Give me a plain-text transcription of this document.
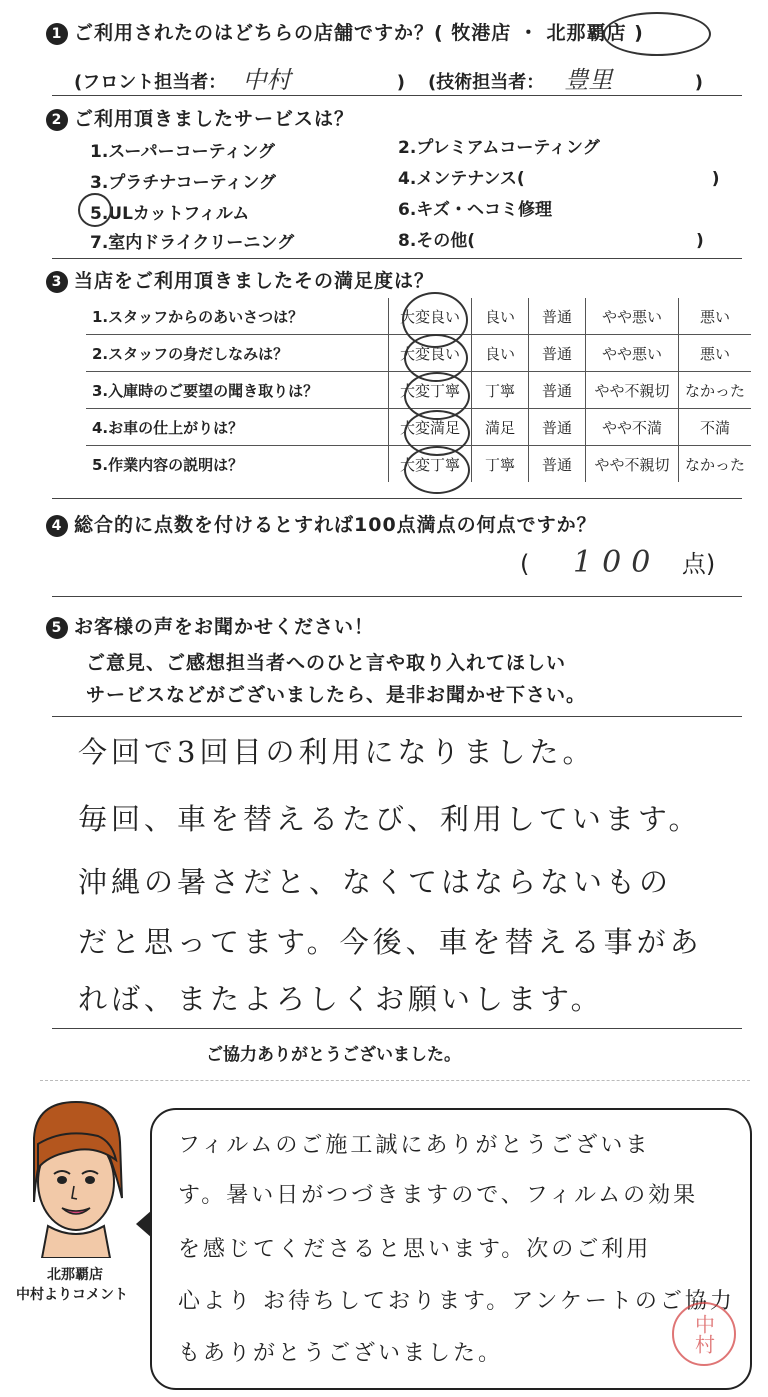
1 ご利用されたのはどちらの店舗ですか？( 牧港店 ・ 北那覇店 )
(フロント担当者： 中村	) (技術担当者： 豊里	)
2 ご利用頂きましたサービスは？
1.スーパーコーティング	2.プレミアムコーティング
3.プラチナコーティング	4.メンテナンス(　　　　　　　　　　　)
5.ULカットフィルム	6.キズ・ヘコミ修理
7.室内ドライクリーニング	8.その他(　　　　　　　　　　　　　)
3 当店をご利用頂きましたその満足度は？
1.スタッフからのあいさつは？	大変良い	良い	普通	やや悪い	悪い
2.スタッフの身だしなみは？	大変良い	良い	普通	やや悪い	悪い
3.入庫時のご要望の聞き取りは？	大変丁寧	丁寧	普通	やや不親切	なかった
4.お車の仕上がりは？	大変満足	満足	普通	やや不満	不満
5.作業内容の説明は？	大変丁寧	丁寧	普通	やや不親切	なかった
4 総合的に点数を付けるとすれば100点満点の何点ですか？
( 100 点)
5 お客様の声をお聞かせください！
ご意見、ご感想担当者へのひと言や取り入れてほしい
サービスなどがございましたら、是非お聞かせ下さい。
今回で3回目の利用になりました。
毎回、車を替えるたび、利用しています。
沖縄の暑さだと、なくてはならないもの
だと思ってます。今後、車を替える事があ
れば、またよろしくお願いします。
ご協力ありがとうございました。
北那覇店
中村よりコメント
フィルムのご施工誠にありがとうございま
す。暑い日がつづきますので、フィルムの効果
を感じてくださると思います。次のご利用
心より お待ちしております。アンケートのご協力
もありがとうございました。	中村
